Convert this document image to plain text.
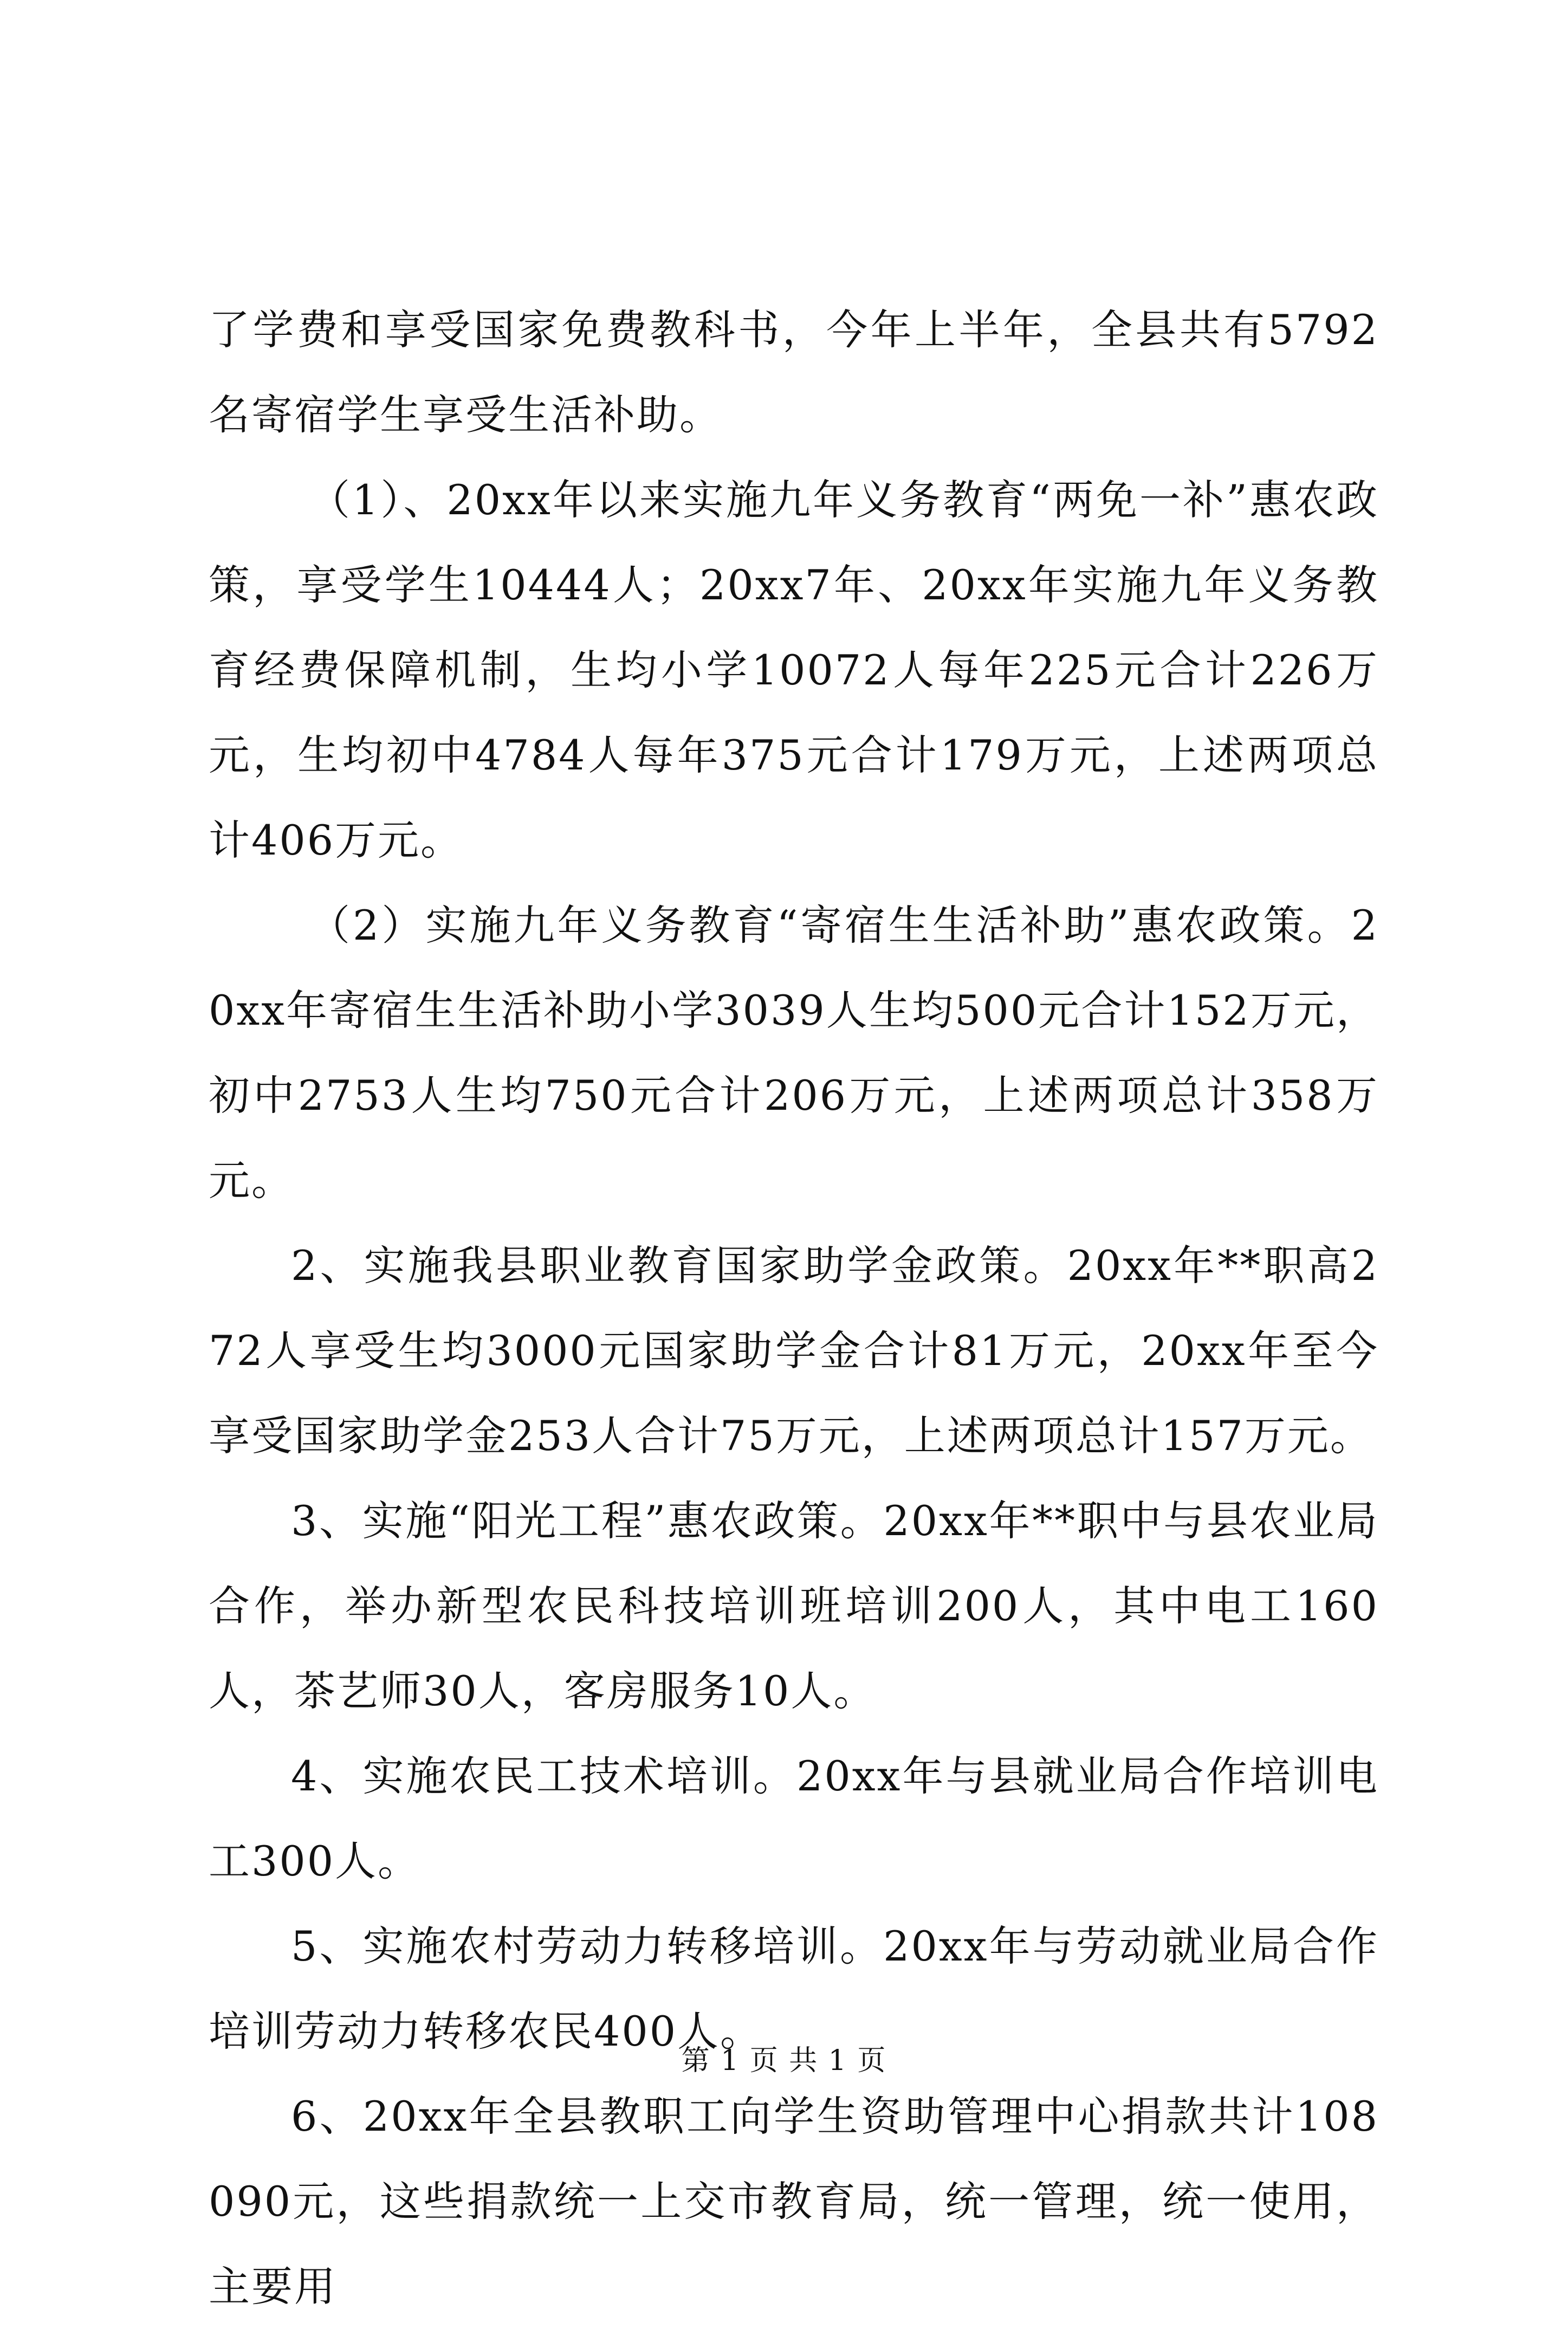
了学费和享受国家免费教科书，今年上半年，全县共有5792名寄宿学生享受生活补助。

（1）、20xx年以来实施九年义务教育“两免一补”惠农政策，享受学生10444人；20xx7年、20xx年实施九年义务教育经费保障机制，生均小学10072人每年225元合计226万元，生均初中4784人每年375元合计179万元，上述两项总计406万元。

（2）实施九年义务教育“寄宿生生活补助”惠农政策。20xx年寄宿生生活补助小学3039人生均500元合计152万元，初中2753人生均750元合计206万元，上述两项总计358万元。

2、实施我县职业教育国家助学金政策。20xx年**职高272人享受生均3000元国家助学金合计81万元，20xx年至今享受国家助学金253人合计75万元，上述两项总计157万元。

3、实施“阳光工程”惠农政策。20xx年**职中与县农业局合作，举办新型农民科技培训班培训200人，其中电工160人，茶艺师30人，客房服务10人。

4、实施农民工技术培训。20xx年与县就业局合作培训电工300人。

5、实施农村劳动力转移培训。20xx年与劳动就业局合作培训劳动力转移农民400人。

6、20xx年全县教职工向学生资助管理中心捐款共计108090元，这些捐款统一上交市教育局，统一管理，统一使用，主要用

第 1 页 共 1 页
